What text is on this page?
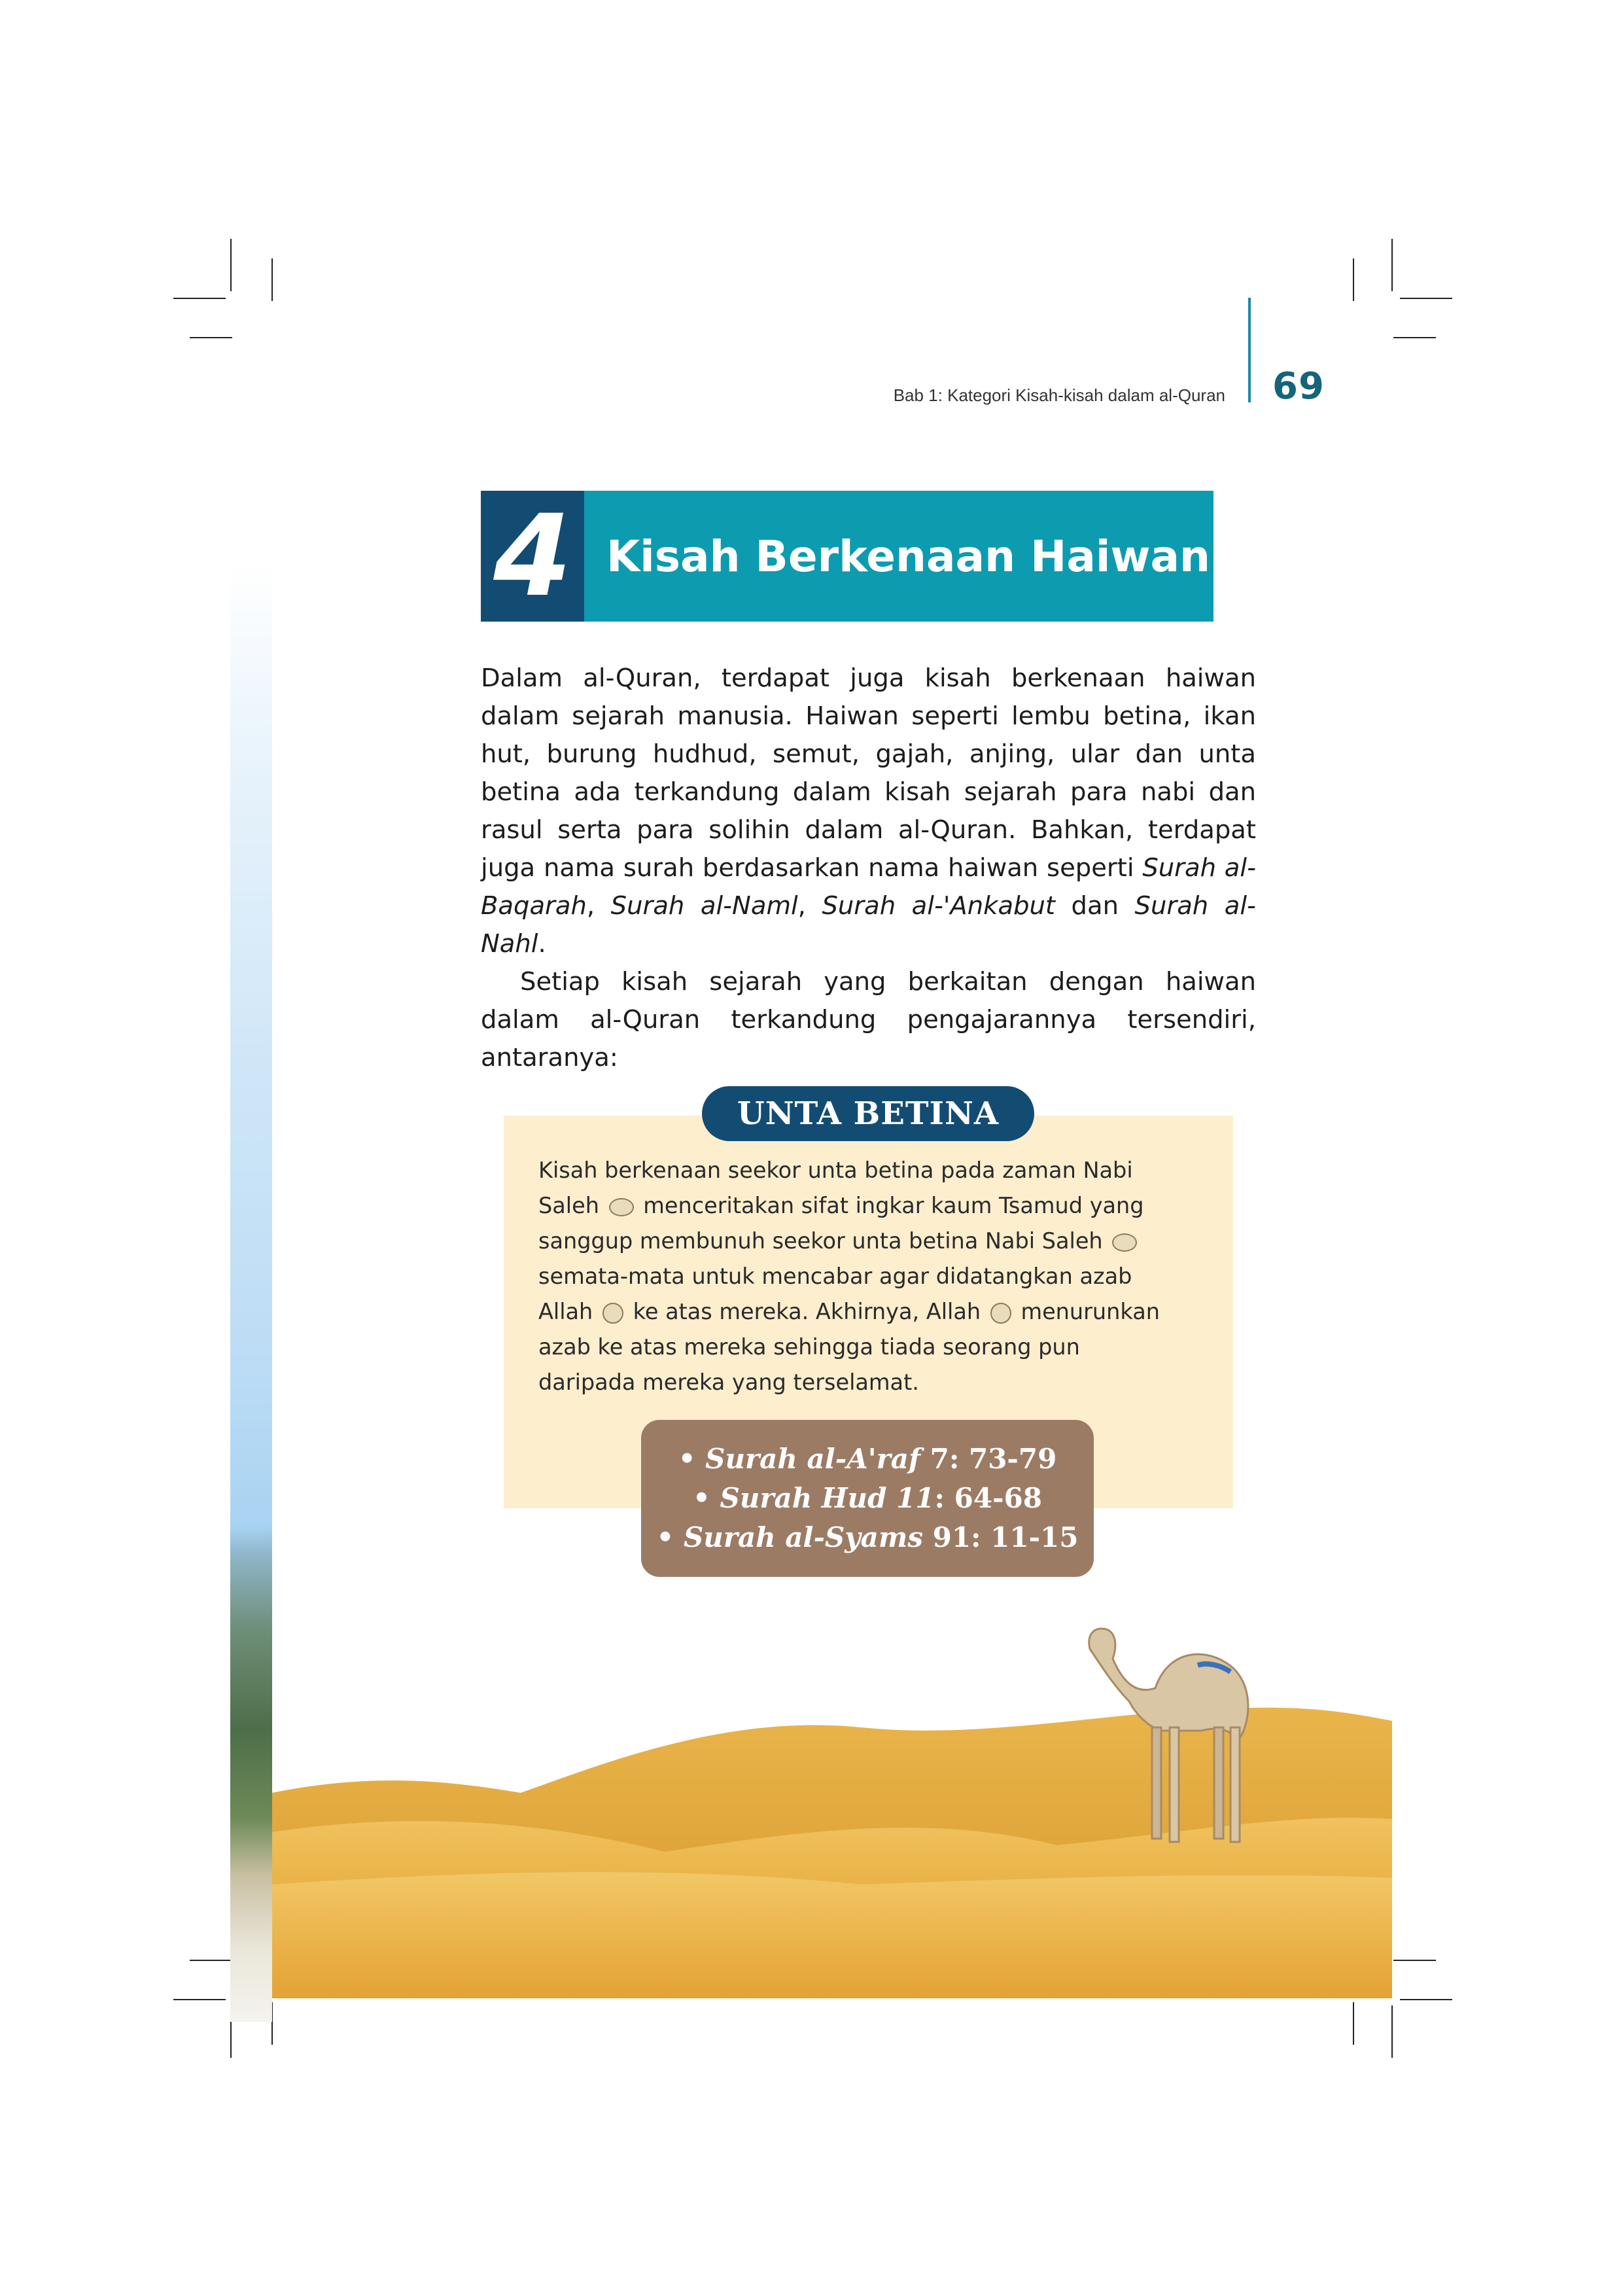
Bab 1: Kategori Kisah-kisah dalam al-Quran 69
4 Kisah Berkenaan Haiwan

Dalam al-Quran, terdapat juga kisah berkenaan haiwan dalam sejarah manusia. Haiwan seperti lembu betina, ikan hut, burung hudhud, semut, gajah, anjing, ular dan unta betina ada terkandung dalam kisah sejarah para nabi dan rasul serta para solihin dalam al-Quran. Bahkan, terdapat juga nama surah berdasarkan nama haiwan seperti Surah al-Baqarah, Surah al-Naml, Surah al-'Ankabut dan Surah al-Nahl.

Setiap kisah sejarah yang berkaitan dengan haiwan dalam al-Quran terkandung pengajarannya tersendiri, antaranya:

UNTA BETINA

Kisah berkenaan seekor unta betina pada zaman Nabi Saleh menceritakan sifat ingkar kaum Tsamud yang sanggup membunuh seekor unta betina Nabi Saleh  semata-mata untuk mencabar agar didatangkan azab Allah ke atas mereka. Akhirnya, Allah menurunkan azab ke atas mereka sehingga tiada seorang pun daripada mereka yang terselamat.

• Surah al-A'raf 7: 73-79
• Surah Hud 11: 64-68
• Surah al-Syams 91: 11-15
